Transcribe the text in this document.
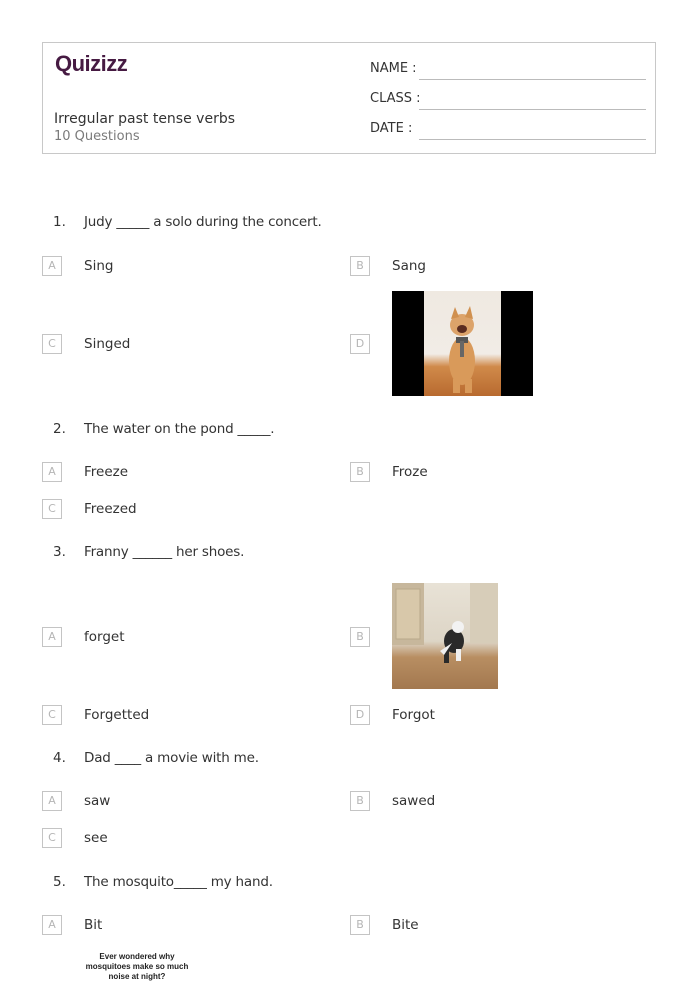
Quizizz
Irregular past tense verbs
10 Questions
NAME :
CLASS :
DATE :
1. Judy _____ a solo during the concert.
A	Sing	B	Sang
C	Singed	D
2. The water on the pond _____.
A	Freeze	B	Froze
C	Freezed
3. Franny ______ her shoes.
A	forget	B
C	Forgetted	D	Forgot
4. Dad ____ a movie with me.
A	saw	B	sawed
C	see
5. The mosquito_____ my hand.
A	Bit	B	Bite
Ever wondered why mosquitoes make so much noise at night?
